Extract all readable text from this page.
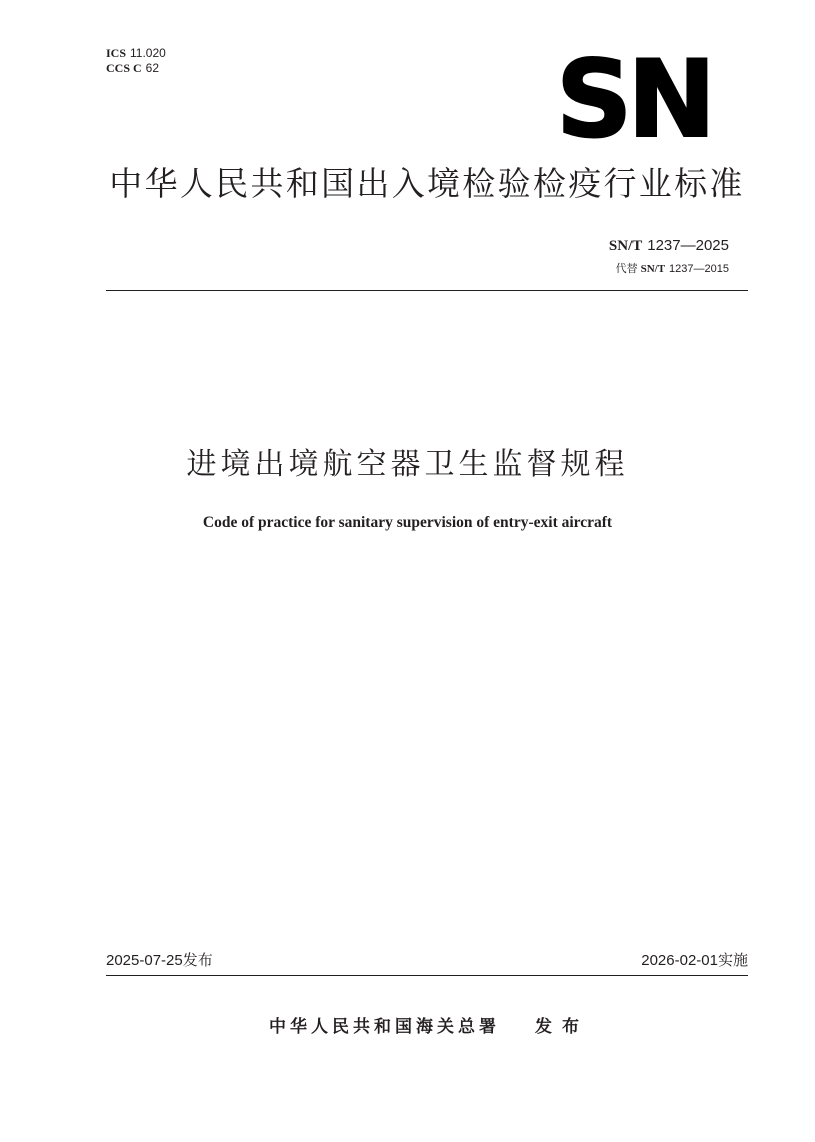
ICS 11.020
CCS C 62	SN
中华人民共和国出入境检验检疫行业标准
SN/T 1237—2025
代替 SN/T 1237—2015
进境出境航空器卫生监督规程
Code of practice for sanitary supervision of entry-exit aircraft
2025-07-25发布	2026-02-01实施
中华人民共和国海关总署 发布
